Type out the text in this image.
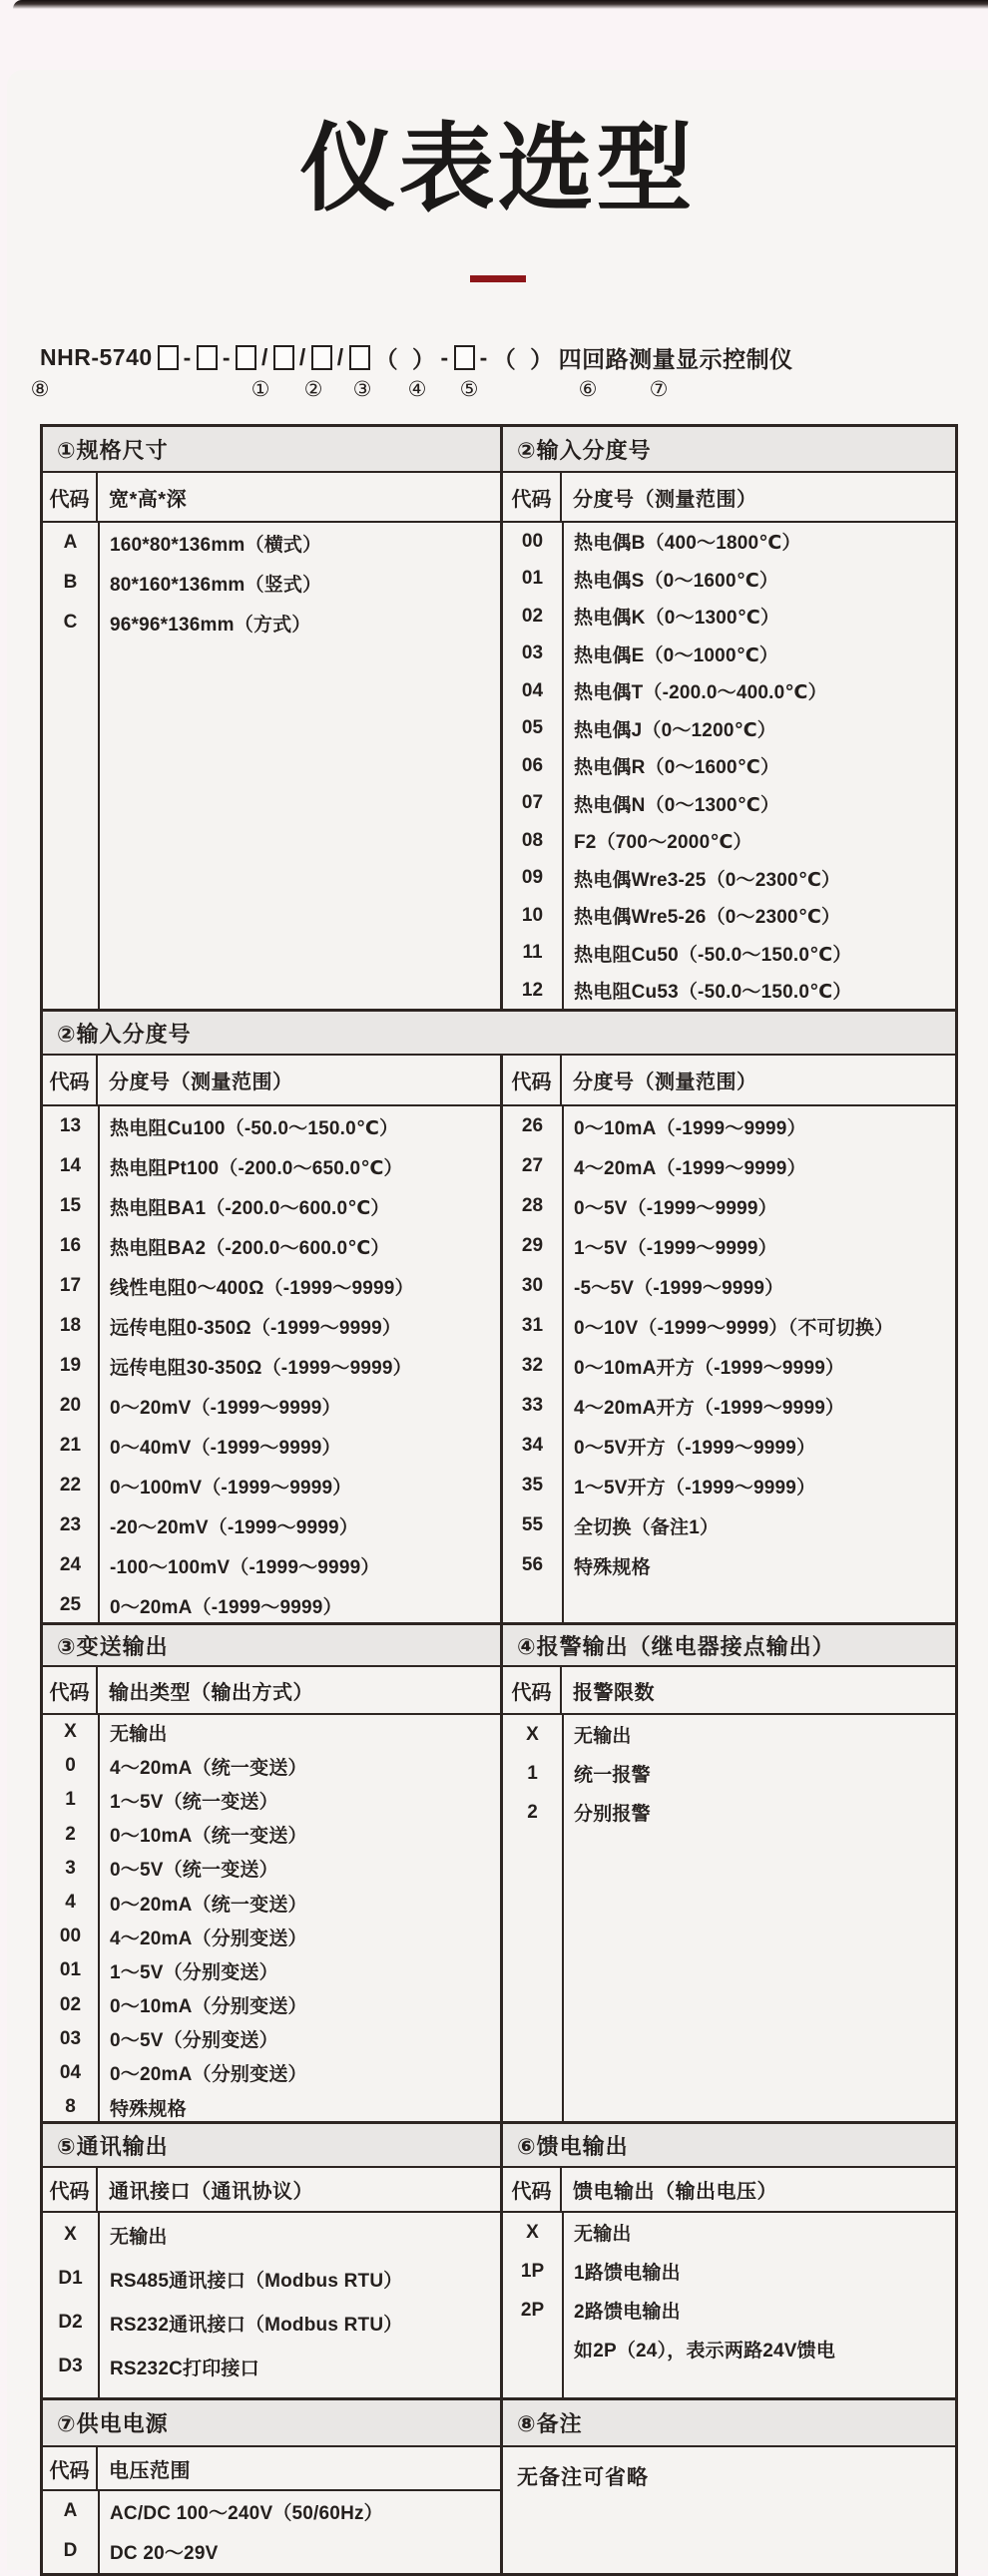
仪表选型
NHR-5740 - - / / / （  ） - - （  ） 四回路测量显示控制仪
① ② ③ ④ ⑤	⑥ ⑦
⑧
①规格尺寸
代码 宽*高*深
A	160*80*136mm（横式）
B	80*160*136mm（竖式）
C	96*96*136mm（方式）
②输入分度号
代码	分度号（测量范围）
00	热电偶B（400～1800℃）
01	热电偶S（0～1600℃）
02	热电偶K（0～1300℃）
03	热电偶E（0～1000℃）
04	热电偶T（-200.0～400.0℃）
05	热电偶J（0～1200℃）
06	热电偶R（0～1600℃）
07	热电偶N（0～1300℃）
08	F2（700～2000℃）
09	热电偶Wre3-25（0～2300℃）
10	热电偶Wre5-26（0～2300℃）
11	热电阻Cu50（-50.0～150.0℃）
12	热电阻Cu53（-50.0～150.0℃）
②输入分度号
代码 分度号（测量范围）
13	热电阻Cu100（-50.0～150.0℃）
14	热电阻Pt100（-200.0～650.0℃）
15	热电阻BA1（-200.0～600.0℃）
16	热电阻BA2（-200.0～600.0℃）
17	线性电阻0～400Ω（-1999～9999）
18	远传电阻0-350Ω（-1999～9999）
19	远传电阻30-350Ω（-1999～9999）
20	0～20mV（-1999～9999）
21	0～40mV（-1999～9999）
22	0～100mV（-1999～9999）
23	-20～20mV（-1999～9999）
24	-100～100mV（-1999～9999）
25	0～20mA（-1999～9999）
代码	分度号（测量范围）
26	0～10mA（-1999～9999）
27	4～20mA（-1999～9999）
28	0～5V（-1999～9999）
29	1～5V（-1999～9999）
30	-5～5V（-1999～9999）
31	0～10V（-1999～9999）（不可切换）
32	0～10mA开方（-1999～9999）
33	4～20mA开方（-1999～9999）
34	0～5V开方（-1999～9999）
35	1～5V开方（-1999～9999）
55	全切换（备注1）
56	特殊规格
③变送输出
代码 输出类型（输出方式）
X	无输出
0	4～20mA（统一变送）
1	1～5V（统一变送）
2	0～10mA（统一变送）
3	0～5V（统一变送）
4	0～20mA（统一变送）
00	4～20mA（分别变送）
01	1～5V（分别变送）
02	0～10mA（分别变送）
03	0～5V（分别变送）
04	0～20mA（分别变送）
8	特殊规格
④报警输出（继电器接点输出）
代码	报警限数
X	无输出
1	统一报警
2	分别报警
⑤通讯输出
代码 通讯接口（通讯协议）
X	无输出
D1	RS485通讯接口（Modbus RTU）
D2	RS232通讯接口（Modbus RTU）
D3	RS232C打印接口
⑥馈电输出
代码	馈电输出（输出电压）
X	无输出
1P	1路馈电输出
2P	2路馈电输出
如2P（24），表示两路24V馈电
⑦供电电源
代码 电压范围
A	AC/DC 100～240V（50/60Hz）
D	DC 20～29V
⑧备注
无备注可省略
